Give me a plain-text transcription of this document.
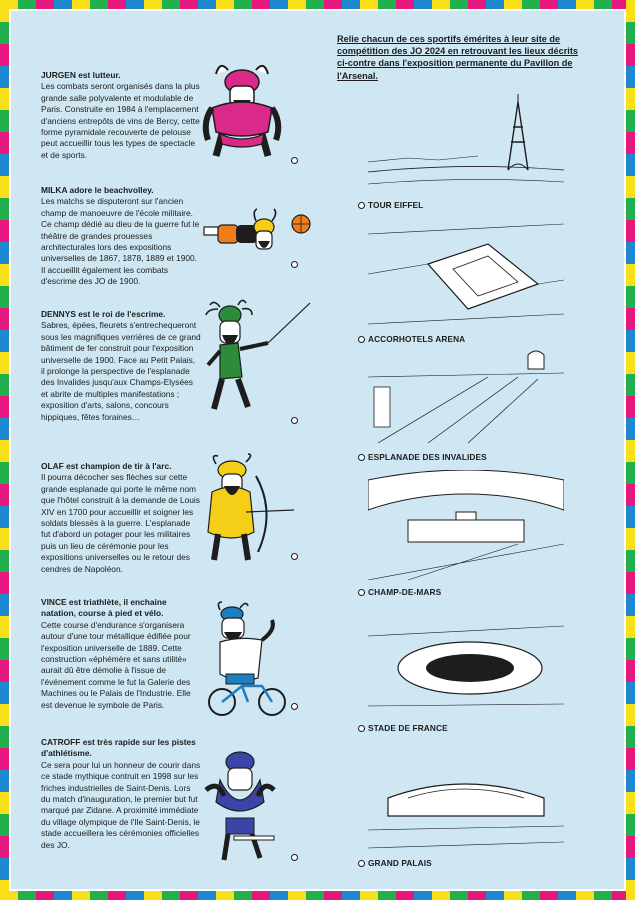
Relie chacun de ces sportifs émérites à leur site de compétition des JO 2024 en retrouvant les lieux décrits ci-contre dans l'exposition permanente du Pavillon de l'Arsenal.
JURGEN est lutteur.
Les combats seront organisés dans la plus grande salle polyvalente et modulable de Paris. Construite en 1984 à l'emplacement d'anciens entrepôts de vins de Bercy, cette forme pyramidale recouverte de pelouse peut accueillir tous les types de spectacle et de sports.
MILKA adore le beachvolley.
Les matchs se disputeront sur l'ancien champ de manoeuvre de l'école militaire. Ce champ dédié au dieu de la guerre fut le théâtre de grandes prouesses architecturales lors des expositions universelles de 1867, 1878, 1889 et 1900. Il accueillit également les combats d'escrime des JO de 1900.
DENNYS est le roi de l'escrime.
Sabres, épées, fleurets s'entrechequeront sous les magnifiques verrières de ce grand bâtiment de fer construit pour l'exposition universelle de 1900. Face au Petit Palais, il prolonge la perspective de l'esplanade des Invalides jusqu'aux Champs-Elysées et abrite de multiples manifestations ; exposition d'arts, salons, concours hippiques, fêtes foraines…
OLAF est champion de tir à l'arc.
Il pourra décocher ses flèches sur cette grande esplanade qui porte le même nom que l'hôtel construit à la demande de Louis XIV en 1700 pour accueillir et soigner les soldats blessés à la guerre. L'esplanade fut d'abord un potager pour les militaires puis un lieu de cérémonie pour les expositions universelles ou le retour des cendres de Napoléon.
VINCE est triathlète, il enchaine natation, course à pied et vélo.
Cette course d'endurance s'organisera autour d'une tour métallique édifiée pour l'exposition universelle de 1889. Cette construction «éphémère et sans utilité» aurait dû être démolie à l'issue de l'événement comme le fut la Galerie des Machines ou le Palais de l'Industrie. Elle est devenue le symbole de Paris.
CATROFF est très rapide sur les pistes d'athlétisme.
Ce sera pour lui un honneur de courir dans ce stade mythique contruit en 1998 sur les friches industrielles de Saint-Denis. Lors du match d'inauguration, le premier but fut marqué par Zidane. A proximité immédiate du village olympique de l'Ile Saint-Denis, le stade accueillera les cérémonies officielles des JO.
TOUR EIFFEL
ACCORHOTELS ARENA
ESPLANADE DES INVALIDES
CHAMP-DE-MARS
STADE DE FRANCE
GRAND PALAIS
